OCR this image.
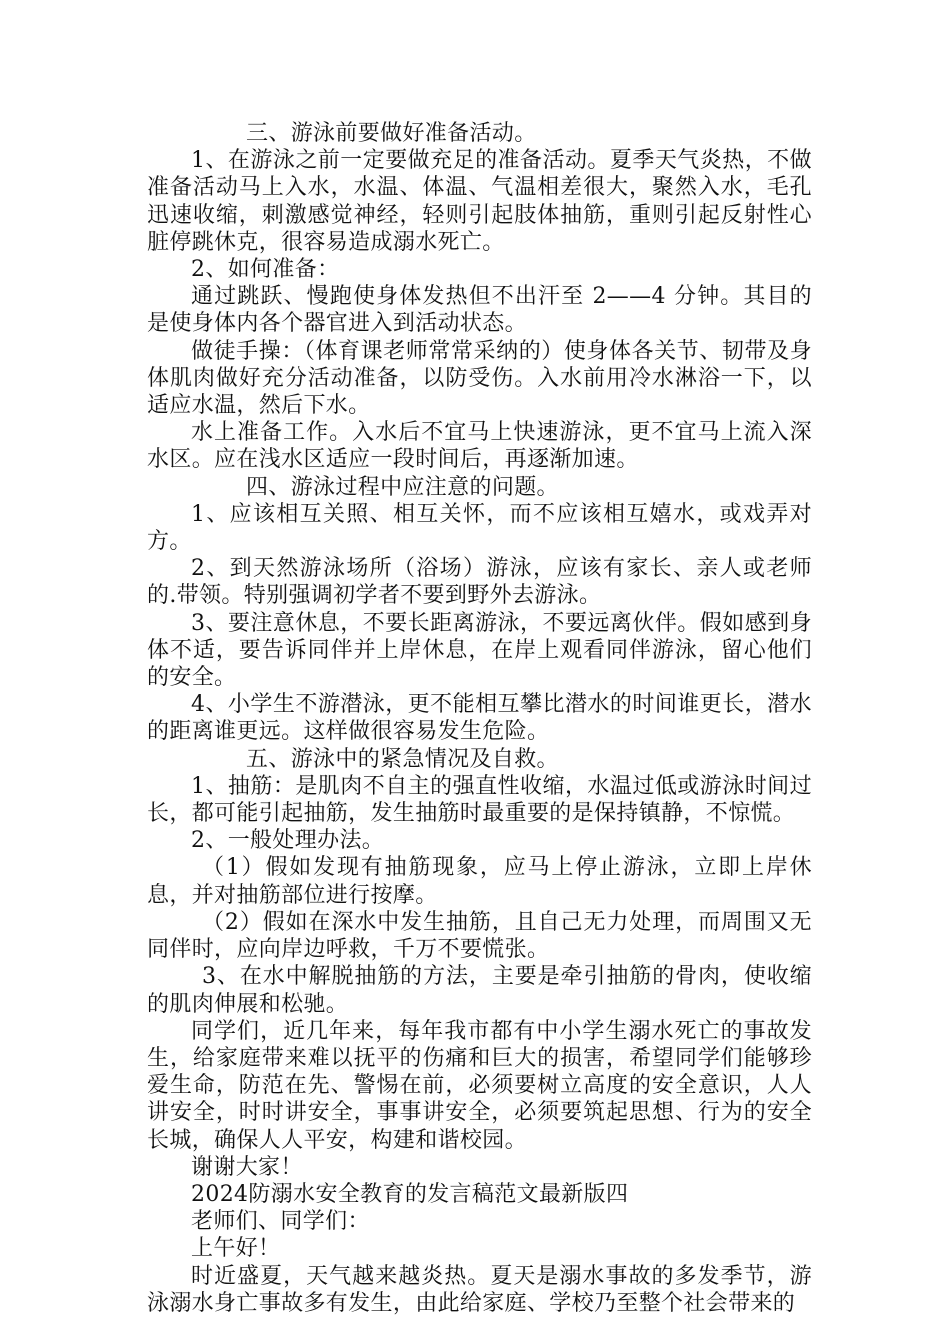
三、游泳前要做好准备活动。

1、在游泳之前一定要做充足的准备活动。夏季天气炎热，不做准备活动马上入水，水温、体温、气温相差很大，聚然入水，毛孔迅速收缩，刺激感觉神经，轻则引起肢体抽筋，重则引起反射性心脏停跳休克，很容易造成溺水死亡。

2、如何准备：

通过跳跃、慢跑使身体发热但不出汗至 2——4 分钟。其目的是使身体内各个器官进入到活动状态。

做徒手操：（体育课老师常常采纳的）使身体各关节、韧带及身体肌肉做好充分活动准备，以防受伤。入水前用冷水淋浴一下，以适应水温，然后下水。

水上准备工作。入水后不宜马上快速游泳，更不宜马上流入深水区。应在浅水区适应一段时间后，再逐渐加速。

四、游泳过程中应注意的问题。

1、应该相互关照、相互关怀，而不应该相互嬉水，或戏弄对方。

2、到天然游泳场所（浴场）游泳，应该有家长、亲人或老师的.带领。特别强调初学者不要到野外去游泳。

3、要注意休息，不要长距离游泳，不要远离伙伴。假如感到身体不适，要告诉同伴并上岸休息，在岸上观看同伴游泳，留心他们的安全。

4、小学生不游潜泳，更不能相互攀比潜水的时间谁更长，潜水的距离谁更远。这样做很容易发生危险。

五、游泳中的紧急情况及自救。

1、抽筋：是肌肉不自主的强直性收缩，水温过低或游泳时间过长，都可能引起抽筋，发生抽筋时最重要的是保持镇静，不惊慌。

2、一般处理办法。

（1）假如发现有抽筋现象，应马上停止游泳，立即上岸休息，并对抽筋部位进行按摩。

（2）假如在深水中发生抽筋，且自己无力处理，而周围又无同伴时，应向岸边呼救，千万不要慌张。

3、在水中解脱抽筋的方法，主要是牵引抽筋的骨肉，使收缩的肌肉伸展和松驰。

同学们，近几年来，每年我市都有中小学生溺水死亡的事故发生，给家庭带来难以抚平的伤痛和巨大的损害，希望同学们能够珍爱生命，防范在先、警惕在前，必须要树立高度的安全意识，人人讲安全，时时讲安全，事事讲安全，必须要筑起思想、行为的安全长城，确保人人平安，构建和谐校园。

谢谢大家！

2024防溺水安全教育的发言稿范文最新版四

老师们、同学们：

上午好！

时近盛夏，天气越来越炎热。夏天是溺水事故的多发季节，游泳溺水身亡事故多有发生，由此给家庭、学校乃至整个社会带来的
